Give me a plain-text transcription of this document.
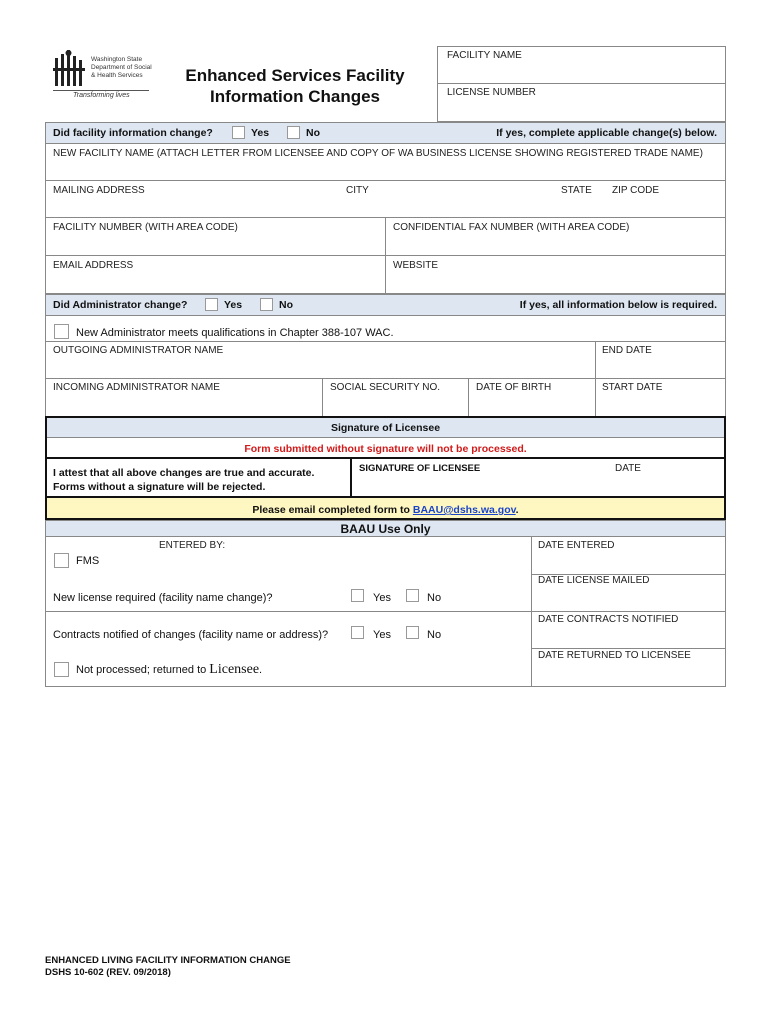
Washington State
Department of Social
& Health Services
Transforming lives
Enhanced Services Facility
Information Changes
FACILITY NAME
LICENSE NUMBER
Did facility information change?	Yes	No	If yes, complete applicable change(s) below.
NEW FACILITY NAME (ATTACH LETTER FROM LICENSEE AND COPY OF WA BUSINESS LICENSE SHOWING REGISTERED TRADE NAME)
MAILING ADDRESS	CITY	STATE ZIP CODE
FACILITY NUMBER (WITH AREA CODE)	CONFIDENTIAL FAX NUMBER (WITH AREA CODE)
EMAIL ADDRESS	WEBSITE
Did Administrator change?	Yes	No	If yes, all information below is required.
New Administrator meets qualifications in Chapter 388-107 WAC.
OUTGOING ADMINISTRATOR NAME	END DATE
INCOMING ADMINISTRATOR NAME	SOCIAL SECURITY NO.	DATE OF BIRTH	START DATE
Signature of Licensee
Form submitted without signature will not be processed.
I attest that all above changes are true and accurate.
Forms without a signature will be rejected.
SIGNATURE OF LICENSEE	DATE
Please email completed form to BAAU@dshs.wa.gov.
BAAU Use Only
ENTERED BY:
FMS
DATE ENTERED
DATE LICENSE MAILED
New license required (facility name change)?	Yes	No
DATE CONTRACTS NOTIFIED
Contracts notified of changes (facility name or address)?	Yes	No
DATE RETURNED TO LICENSEE
Not processed; returned to Licensee.
ENHANCED LIVING FACILITY INFORMATION CHANGE
DSHS 10-602 (REV. 09/2018)
